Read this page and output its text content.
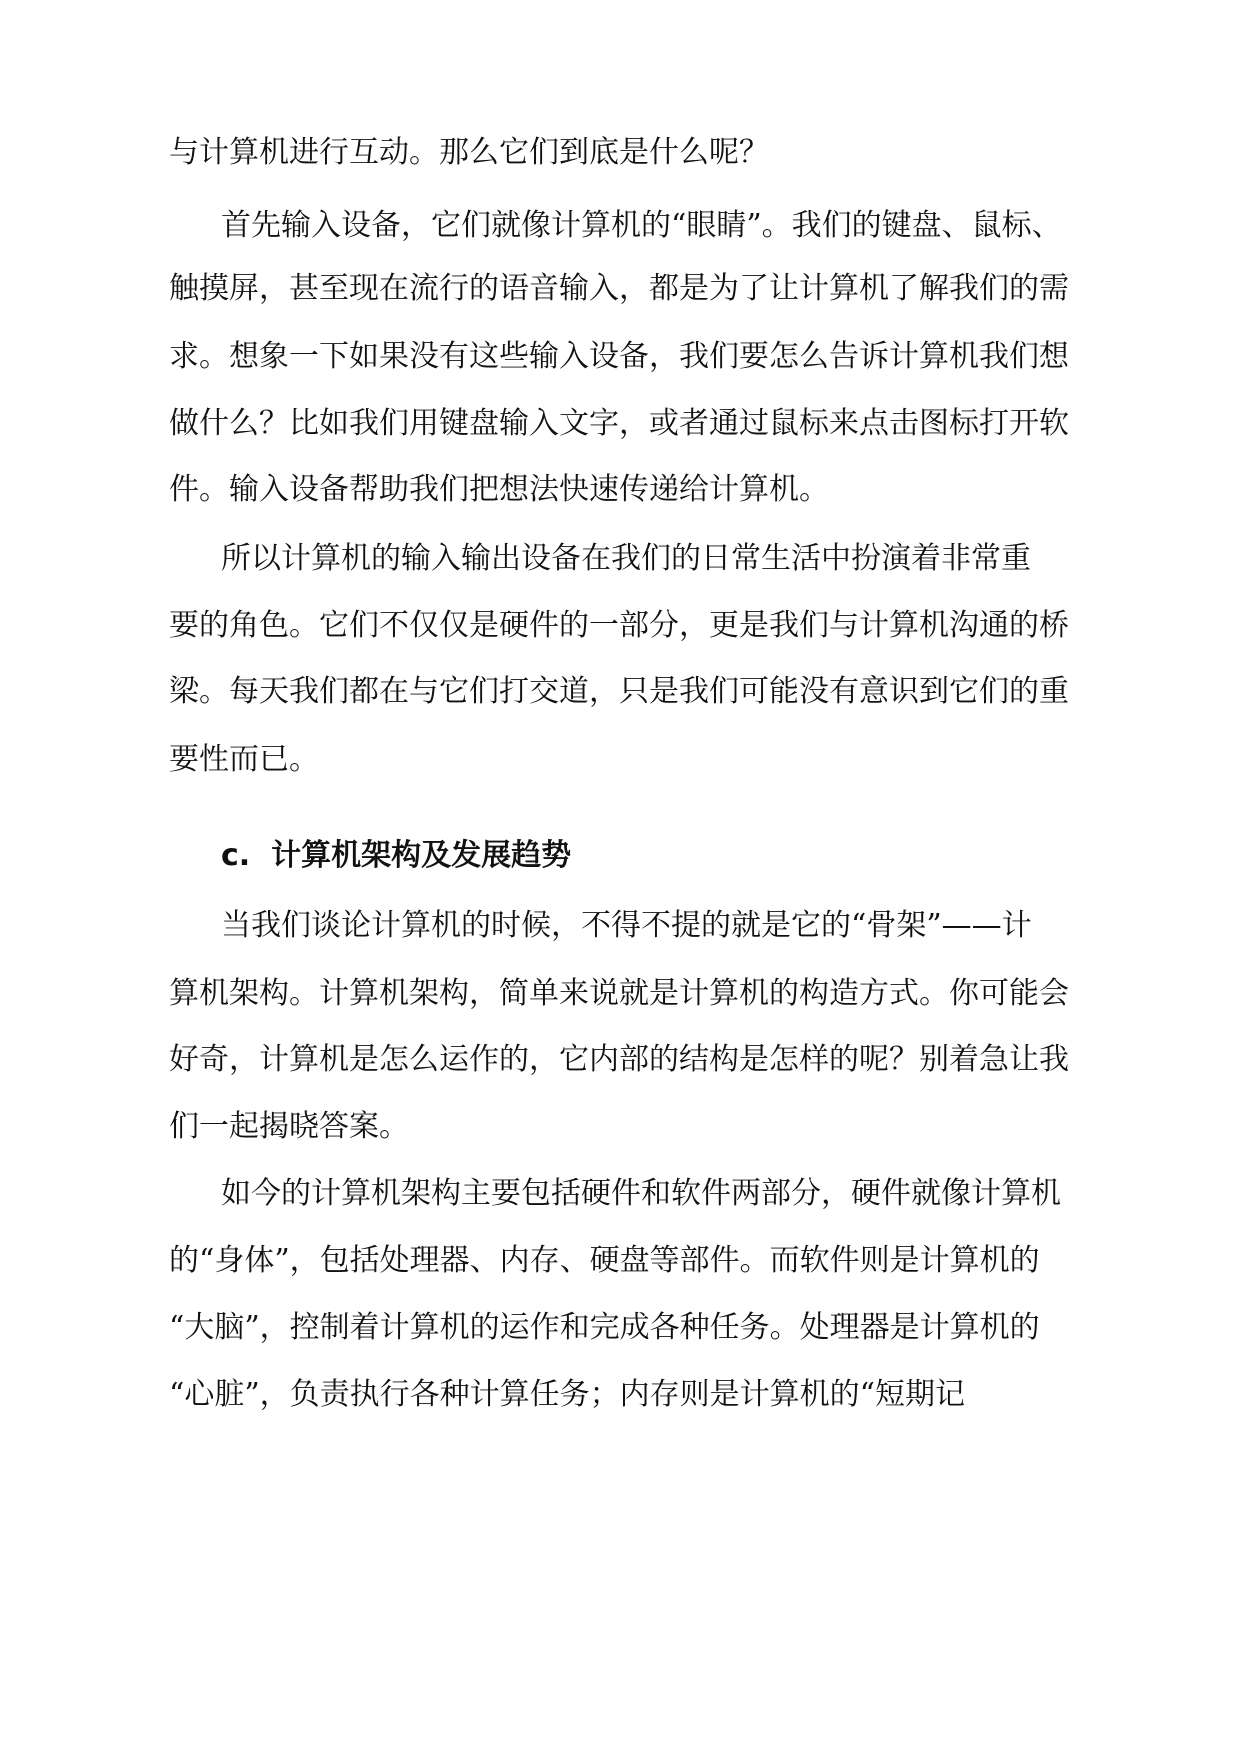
与计算机进行互动。那么它们到底是什么呢？
首先输入设备，它们就像计算机的“眼睛”。我们的键盘、鼠标、
触摸屏，甚至现在流行的语音输入，都是为了让计算机了解我们的需
求。想象一下如果没有这些输入设备，我们要怎么告诉计算机我们想
做什么？比如我们用键盘输入文字，或者通过鼠标来点击图标打开软
件。输入设备帮助我们把想法快速传递给计算机。
所以计算机的输入输出设备在我们的日常生活中扮演着非常重
要的角色。它们不仅仅是硬件的一部分，更是我们与计算机沟通的桥
梁。每天我们都在与它们打交道，只是我们可能没有意识到它们的重
要性而已。
c.  计算机架构及发展趋势
当我们谈论计算机的时候，不得不提的就是它的“骨架”——计
算机架构。计算机架构，简单来说就是计算机的构造方式。你可能会
好奇，计算机是怎么运作的，它内部的结构是怎样的呢？别着急让我
们一起揭晓答案。
如今的计算机架构主要包括硬件和软件两部分，硬件就像计算机
的“身体”，包括处理器、内存、硬盘等部件。而软件则是计算机的
“大脑”，控制着计算机的运作和完成各种任务。处理器是计算机的
“心脏”，负责执行各种计算任务；内存则是计算机的“短期记
